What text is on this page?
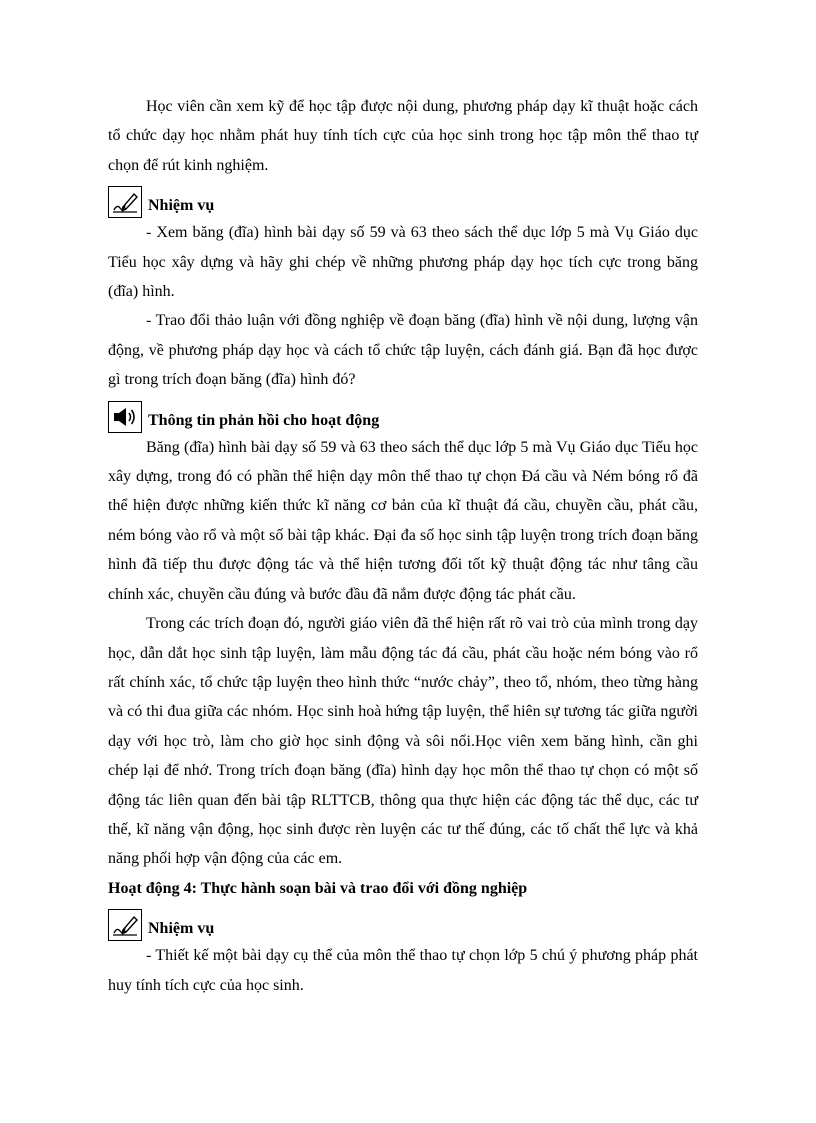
Học viên cần xem kỹ để học tập được nội dung, phương pháp dạy kĩ thuật hoặc cách tổ chức dạy học nhằm phát huy tính tích cực của học sinh trong học tập môn thể thao tự chọn để rút kinh nghiệm.

Nhiệm vụ

- Xem băng (đĩa) hình bài dạy số 59 và 63 theo sách thể dục lớp 5 mà Vụ Giáo dục Tiểu học xây dựng và hãy ghi chép về những phương pháp dạy học tích cực trong băng (đĩa) hình.

- Trao đổi thảo luận với đồng nghiệp về đoạn băng (đĩa) hình về nội dung, lượng vận động, về phương pháp dạy học và cách tổ chức tập luyện, cách đánh giá. Bạn đã học được gì trong trích đoạn băng (đĩa) hình đó?

Thông tin phản hồi cho hoạt động

Băng (đĩa) hình bài dạy số 59 và 63 theo sách thể dục lớp 5 mà Vụ Giáo dục Tiểu học xây dựng, trong đó có phần thể hiện dạy môn thể thao tự chọn Đá cầu và Ném bóng rổ đã thể hiện được những kiến thức kĩ năng cơ bản của kĩ thuật đá cầu, chuyền cầu, phát cầu, ném bóng vào rổ và một số bài tập khác. Đại đa số học sinh tập luyện trong trích đoạn băng hình đã tiếp thu được động tác và thể hiện tương đối tốt kỹ thuật động tác như tâng cầu chính xác, chuyền cầu đúng và bước đầu đã nắm được động tác phát cầu.

Trong các trích đoạn đó, người giáo viên đã thể hiện rất rõ vai trò của mình trong dạy học, dẫn dắt học sinh tập luyện, làm mẫu động tác đá cầu, phát cầu hoặc ném bóng vào rổ rất chính xác, tổ chức tập luyện theo hình thức “nước chảy”, theo tổ, nhóm, theo từng hàng và có thi đua giữa các nhóm. Học sinh hoà hứng tập luyện, thể hiên sự tương tác giữa người dạy với học trò, làm cho giờ học sinh động và sôi nổi.Học viên xem băng hình, cần ghi chép lại để nhớ. Trong trích đoạn băng (đĩa) hình dạy học môn thể thao tự chọn có một số động tác liên quan đến bài tập RLTTCB, thông qua thực hiện các động tác thể dục, các tư thế, kĩ năng vận động, học sinh được rèn luyện các tư thế đúng, các tố chất thể lực và khả năng phối hợp vận động của các em.

Hoạt động 4: Thực hành soạn bài và trao đổi với đồng nghiệp

Nhiệm vụ

- Thiết kế một bài dạy cụ thể của môn thể thao tự chọn lớp 5 chú ý phương pháp phát huy tính tích cực của học sinh.
